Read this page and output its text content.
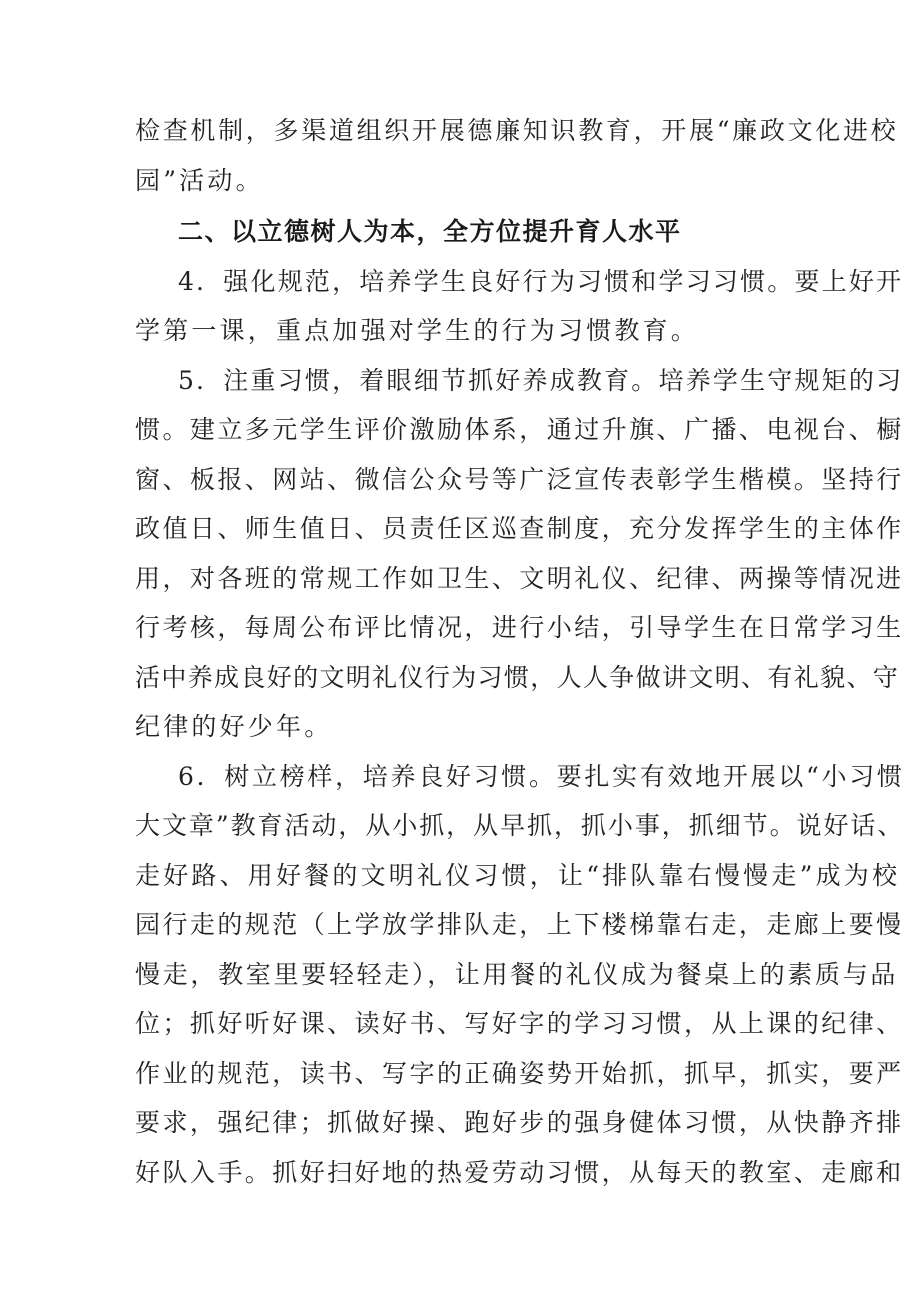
检查机制，多渠道组织开展德廉知识教育，开展“廉政文化进校
园”活动。
二、以立德树人为本，全方位提升育人水平
4．强化规范，培养学生良好行为习惯和学习习惯。要上好开
学第一课，重点加强对学生的行为习惯教育。
5．注重习惯，着眼细节抓好养成教育。培养学生守规矩的习
惯。建立多元学生评价激励体系，通过升旗、广播、电视台、橱
窗、板报、网站、微信公众号等广泛宣传表彰学生楷模。坚持行
政值日、师生值日、员责任区巡查制度，充分发挥学生的主体作
用，对各班的常规工作如卫生、文明礼仪、纪律、两操等情况进
行考核，每周公布评比情况，进行小结，引导学生在日常学习生
活中养成良好的文明礼仪行为习惯，人人争做讲文明、有礼貌、守
纪律的好少年。
6．树立榜样，培养良好习惯。要扎实有效地开展以“小习惯
大文章”教育活动，从小抓，从早抓，抓小事，抓细节。说好话、
走好路、用好餐的文明礼仪习惯，让“排队靠右慢慢走”成为校
园行走的规范（上学放学排队走，上下楼梯靠右走，走廊上要慢
慢走，教室里要轻轻走），让用餐的礼仪成为餐桌上的素质与品
位；抓好听好课、读好书、写好字的学习习惯，从上课的纪律、
作业的规范，读书、写字的正确姿势开始抓，抓早，抓实，要严
要求，强纪律；抓做好操、跑好步的强身健体习惯，从快静齐排
好队入手。抓好扫好地的热爱劳动习惯，从每天的教室、走廊和
